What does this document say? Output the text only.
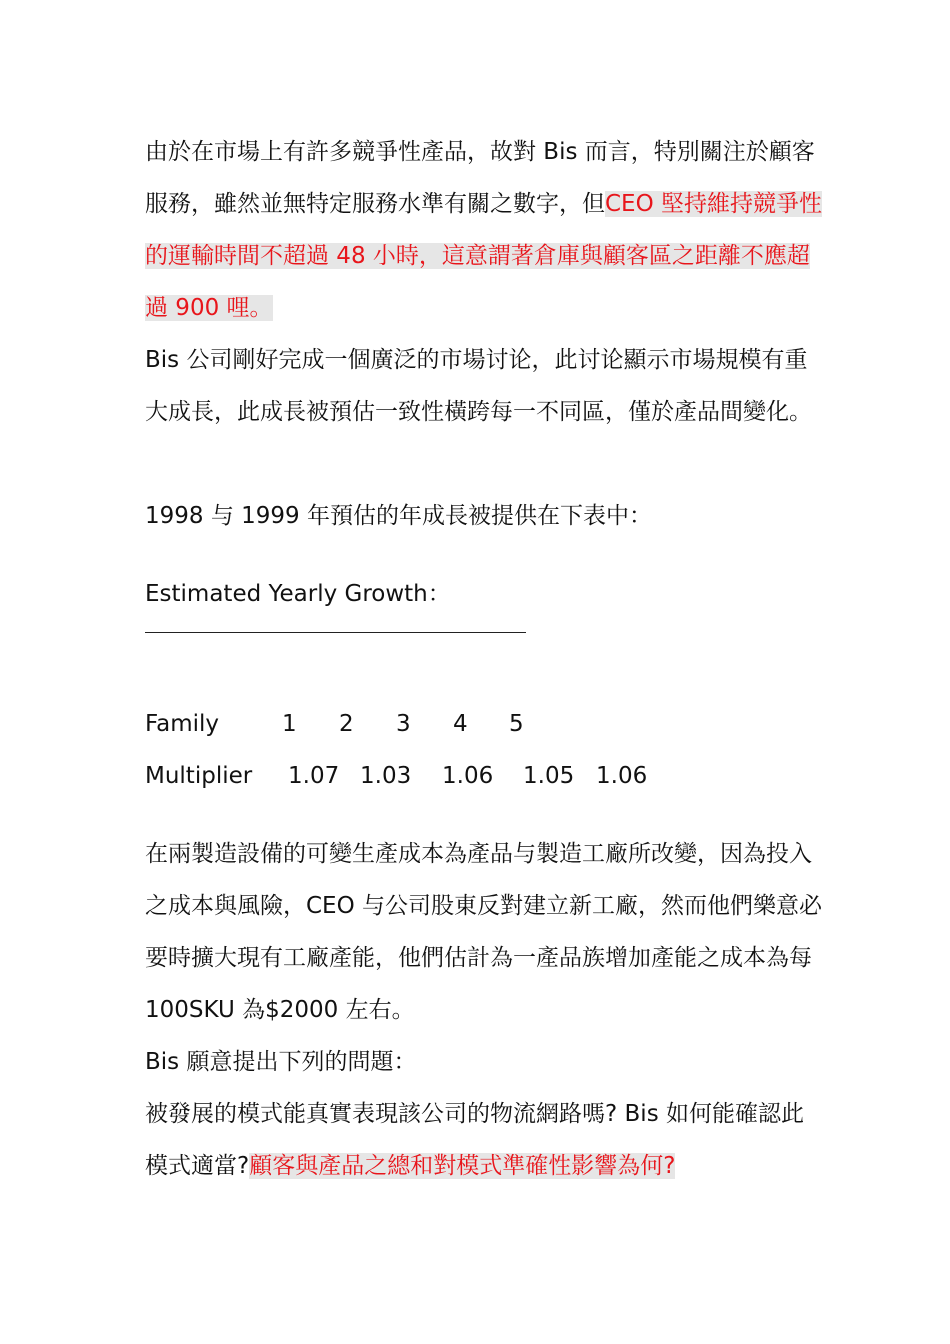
由於在市場上有許多競爭性產品，故對 Bis 而言，特別關注於顧客服務，雖然並無特定服務水準有關之數字，但CEO 堅持維持競爭性的運輸時間不超過 48 小時，這意謂著倉庫與顧客區之距離不應超過 900 哩。
Bis 公司剛好完成一個廣泛的市場讨论，此讨论顯示市場規模有重大成長，此成長被預估一致性橫跨每一不同區，僅於產品間變化。
1998 与 1999 年預估的年成長被提供在下表中：
Estimated Yearly Growth：
Family	1 2 3 4 5
Multiplier 1.07 1.03 1.06 1.05 1.06
在兩製造設備的可變生產成本為產品与製造工廠所改變，因為投入之成本與風險，CEO 与公司股東反對建立新工廠，然而他們樂意必要時擴大現有工廠產能，他們估計為一產品族增加產能之成本為每 100SKU 為$2000 左右。
Bis 願意提出下列的問題：
被發展的模式能真實表現該公司的物流網路嗎? Bis 如何能確認此模式適當?顧客與產品之總和對模式準確性影響為何?
